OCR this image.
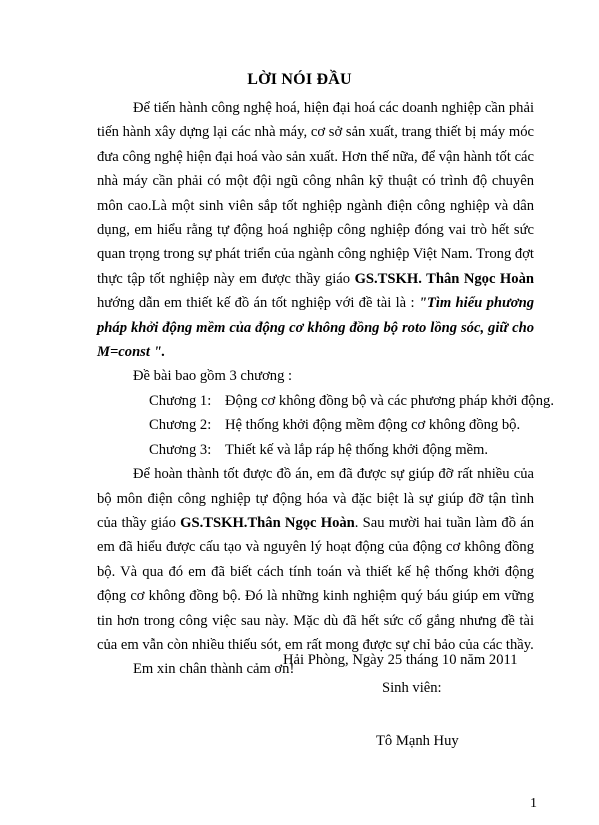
LỜI NÓI ĐẦU

Để tiến hành công nghệ hoá, hiện đại hoá các doanh nghiệp cần phải tiến hành xây dựng lại các nhà máy, cơ sở sản xuất, trang thiết bị máy móc đưa công nghệ hiện đại hoá vào sản xuất. Hơn thế nữa, để vận hành tốt các nhà máy cần phải có một đội ngũ công nhân kỹ thuật có trình độ chuyên môn cao.Là một sinh viên sắp tốt nghiệp ngành điện công nghiệp và dân dụng, em hiểu rằng tự động hoá nghiệp công nghiệp đóng vai trò hết sức quan trọng trong sự phát triển của ngành công nghiệp Việt Nam. Trong đợt thực tập tốt nghiệp này em được thầy giáo GS.TSKH. Thân Ngọc Hoàn hướng dẫn em thiết kế đồ án tốt nghiệp với đề tài là : "Tìm hiểu phương pháp khởi động mềm của động cơ không đồng bộ roto lồng sóc, giữ cho M=const ".

Đề bài bao gồm 3 chương :

Chương 1: Động cơ không đồng bộ và các phương pháp khởi động.

Chương 2: Hệ thống khởi động mềm động cơ không đồng bộ.

Chương 3: Thiết kế và lắp ráp hệ thống khởi động mềm.

Để hoàn thành tốt được đồ án, em đã được sự giúp đỡ rất nhiều của bộ môn điện công nghiệp tự động hóa và đặc biệt là sự giúp đỡ tận tình của thầy giáo GS.TSKH.Thân Ngọc Hoàn. Sau mười hai tuần làm đồ án em đã hiểu được cấu tạo và nguyên lý hoạt động của động cơ không đồng bộ. Và qua đó em đã biết cách tính toán và thiết kế hệ thống khởi động động cơ không đồng bộ. Đó là những kinh nghiệm quý báu giúp em vững tin hơn trong công việc sau này. Mặc dù đã hết sức cố gắng nhưng đề tài của em vẫn còn nhiều thiếu sót, em rất mong được sự chỉ bảo của các thầy.

Em xin chân thành cảm ơn!

Hải Phòng, Ngày 25 tháng 10 năm 2011
Sinh viên:
Tô Mạnh Huy
1
